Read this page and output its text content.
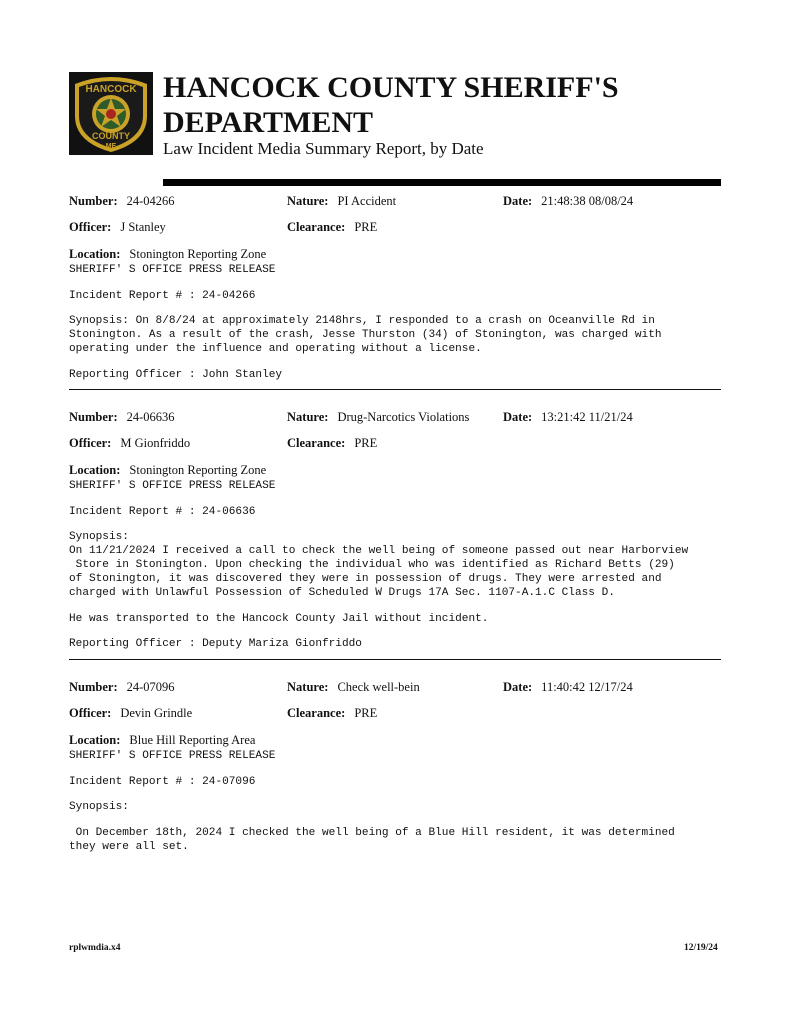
HANCOCK
COUNTY
ME
HANCOCK COUNTY SHERIFF'S
DEPARTMENT
Law Incident Media Summary Report, by Date
Number: 24-04266	Nature: PI Accident	Date: 21:48:38 08/08/24
Officer: J Stanley	Clearance: PRE
Location: Stonington Reporting Zone
SHERIFF' S OFFICE PRESS RELEASE
Incident Report # : 24-04266
Synopsis: On 8/8/24 at approximately 2148hrs, I responded to a crash on Oceanville Rd in
Stonington. As a result of the crash, Jesse Thurston (34) of Stonington, was charged with
operating under the influence and operating without a license.
Reporting Officer : John Stanley
Number: 24-06636	Nature: Drug-Narcotics Violations	Date: 13:21:42 11/21/24
Officer: M Gionfriddo	Clearance: PRE
Location: Stonington Reporting Zone
SHERIFF' S OFFICE PRESS RELEASE
Incident Report # : 24-06636
Synopsis:
On 11/21/2024 I received a call to check the well being of someone passed out near Harborview
Store in Stonington. Upon checking the individual who was identified as Richard Betts (29)
of Stonington, it was discovered they were in possession of drugs. They were arrested and
charged with Unlawful Possession of Scheduled W Drugs 17A Sec. 1107-A.1.C Class D.
He was transported to the Hancock County Jail without incident.
Reporting Officer : Deputy Mariza Gionfriddo
Number: 24-07096	Nature: Check well-bein	Date: 11:40:42 12/17/24
Officer: Devin Grindle	Clearance: PRE
Location: Blue Hill Reporting Area
SHERIFF' S OFFICE PRESS RELEASE
Incident Report # : 24-07096
Synopsis:
On December 18th, 2024 I checked the well being of a Blue Hill resident, it was determined
they were all set.
rplwmdia.x4	12/19/24
